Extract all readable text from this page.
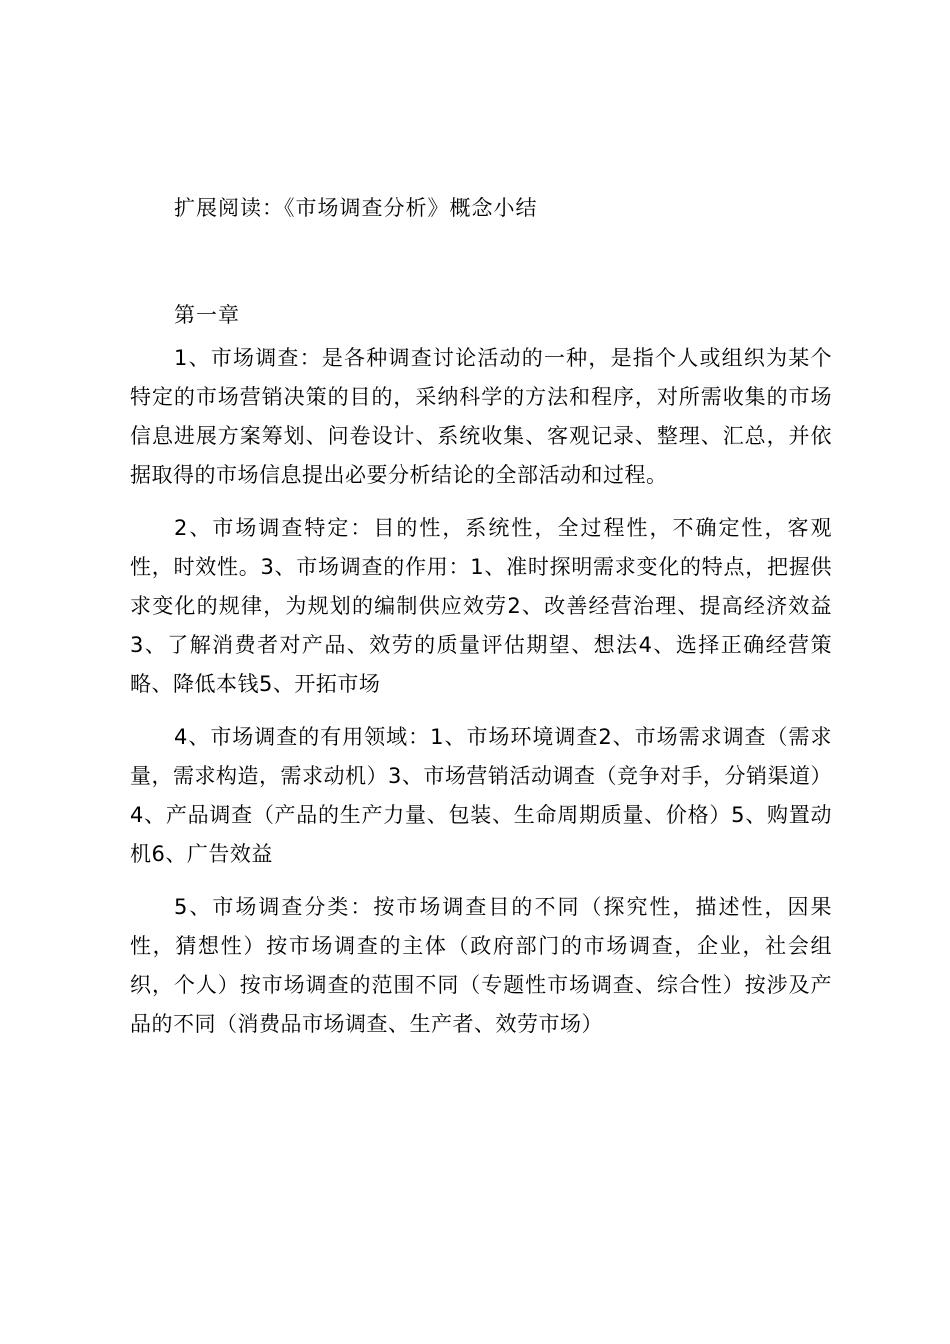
扩展阅读：《市场调查分析》概念小结
第一章

1、市场调查：是各种调查讨论活动的一种，是指个人或组织为某个特定的市场营销决策的目的，采纳科学的方法和程序，对所需收集的市场信息进展方案筹划、问卷设计、系统收集、客观记录、整理、汇总，并依据取得的市场信息提出必要分析结论的全部活动和过程。

2、市场调查特定：目的性，系统性，全过程性，不确定性，客观性，时效性。3、市场调查的作用：1、准时探明需求变化的特点，把握供求变化的规律，为规划的编制供应效劳2、改善经营治理、提高经济效益3、了解消费者对产品、效劳的质量评估期望、想法4、选择正确经营策略、降低本钱5、开拓市场

4、市场调查的有用领域：1、市场环境调查2、市场需求调查（需求量，需求构造，需求动机）3、市场营销活动调查（竞争对手，分销渠道）4、产品调查（产品的生产力量、包装、生命周期质量、价格）5、购置动机6、广告效益

5、市场调查分类：按市场调查目的不同（探究性，描述性，因果性，猜想性）按市场调查的主体（政府部门的市场调查，企业，社会组织，个人）按市场调查的范围不同（专题性市场调查、综合性）按涉及产品的不同（消费品市场调查、生产者、效劳市场）
